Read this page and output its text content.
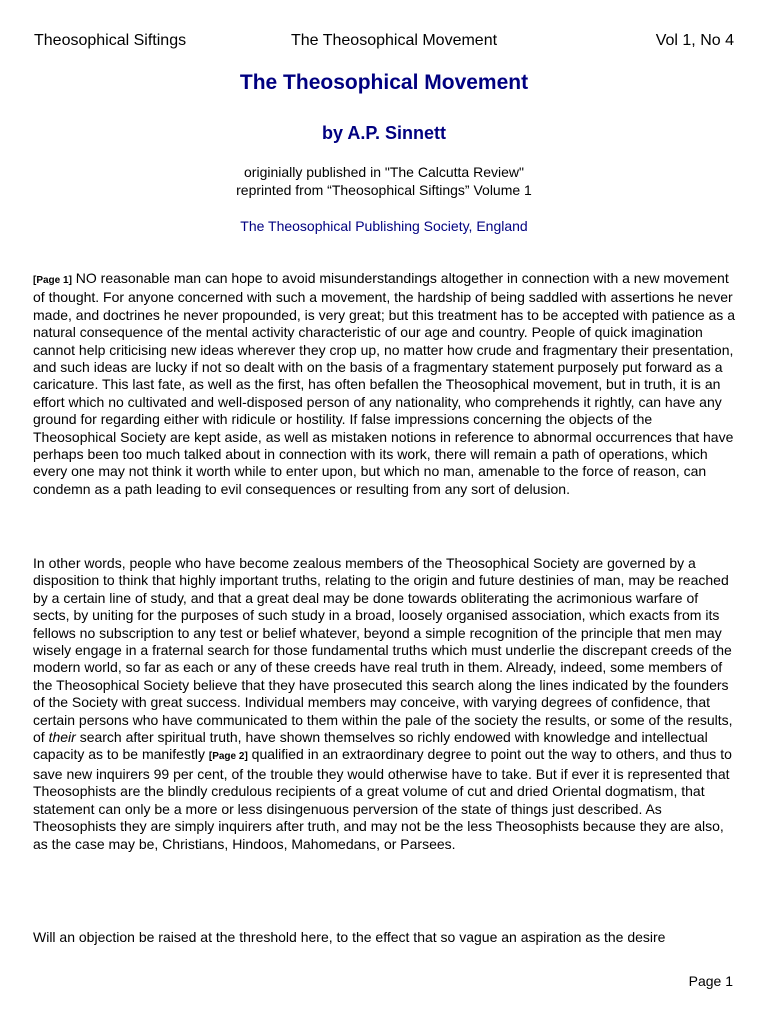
Theosophical Siftings	The Theosophical Movement	Vol 1, No 4
The Theosophical Movement
by A.P. Sinnett
originially published in "The Calcutta Review"
reprinted from “Theosophical Siftings” Volume 1
The Theosophical Publishing Society, England
[Page 1] NO reasonable man can hope to avoid misunderstandings altogether in connection with a new movement of thought. For anyone concerned with such a movement, the hardship of being saddled with assertions he never made, and doctrines he never propounded, is very great; but this treatment has to be accepted with patience as a natural consequence of the mental activity characteristic of our age and country. People of quick imagination cannot help criticising new ideas wherever they crop up, no matter how crude and fragmentary their presentation, and such ideas are lucky if not so dealt with on the basis of a fragmentary statement purposely put forward as a caricature. This last fate, as well as the first, has often befallen the Theosophical movement, but in truth, it is an effort which no cultivated and well-disposed person of any nationality, who comprehends it rightly, can have any ground for regarding either with ridicule or hostility. If false impressions concerning the objects of the Theosophical Society are kept aside, as well as mistaken notions in reference to abnormal occurrences that have perhaps been too much talked about in connection with its work, there will remain a path of operations, which every one may not think it worth while to enter upon, but which no man, amenable to the force of reason, can condemn as a path leading to evil consequences or resulting from any sort of delusion.
In other words, people who have become zealous members of the Theosophical Society are governed by a disposition to think that highly important truths, relating to the origin and future destinies of man, may be reached by a certain line of study, and that a great deal may be done towards obliterating the acrimonious warfare of sects, by uniting for the purposes of such study in a broad, loosely organised association, which exacts from its fellows no subscription to any test or belief whatever, beyond a simple recognition of the principle that men may wisely engage in a fraternal search for those fundamental truths which must underlie the discrepant creeds of the modern world, so far as each or any of these creeds have real truth in them. Already, indeed, some members of the Theosophical Society believe that they have prosecuted this search along the lines indicated by the founders of the Society with great success. Individual members may conceive, with varying degrees of confidence, that certain persons who have communicated to them within the pale of the society the results, or some of the results, of their search after spiritual truth, have shown themselves so richly endowed with knowledge and intellectual capacity as to be manifestly [Page 2] qualified in an extraordinary degree to point out the way to others, and thus to save new inquirers 99 per cent, of the trouble they would otherwise have to take. But if ever it is represented that Theosophists are the blindly credulous recipients of a great volume of cut and dried Oriental dogmatism, that statement can only be a more or less disingenuous perversion of the state of things just described. As Theosophists they are simply inquirers after truth, and may not be the less Theosophists because they are also, as the case may be, Christians, Hindoos, Mahomedans, or Parsees.
Will an objection be raised at the threshold here, to the effect that so vague an aspiration as the desire
Page 1
